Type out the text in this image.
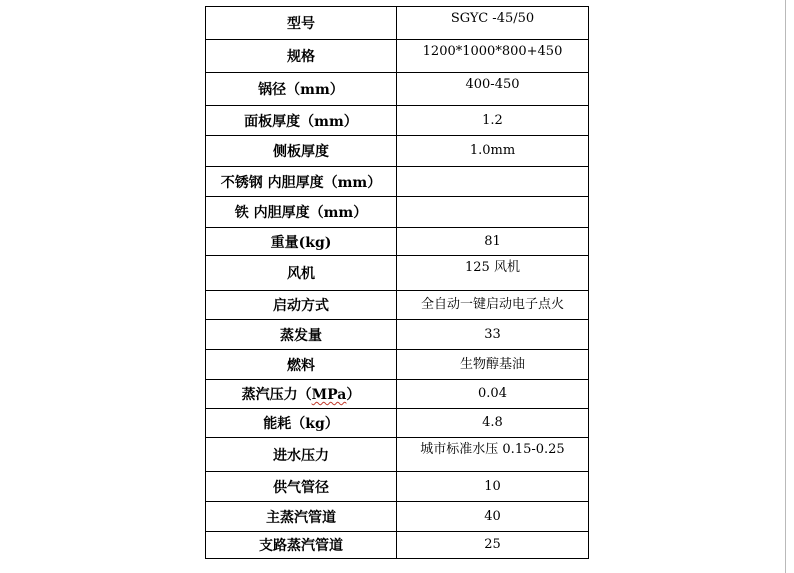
型号	SGYC -45/50
规格	1200*1000*800+450
锅径（mm）	400-450
面板厚度（mm）	1.2
侧板厚度	1.0mm
不锈钢 内胆厚度（mm）	
铁 内胆厚度（mm）	
重量(kg)	81
风机	125 风机
启动方式	全自动一键启动电子点火
蒸发量	33
燃料	生物醇基油
蒸汽压力（MPa）	0.04
能耗（kg）	4.8
进水压力	城市标准水压 0.15-0.25
供气管径	10
主蒸汽管道	40
支路蒸汽管道	25
